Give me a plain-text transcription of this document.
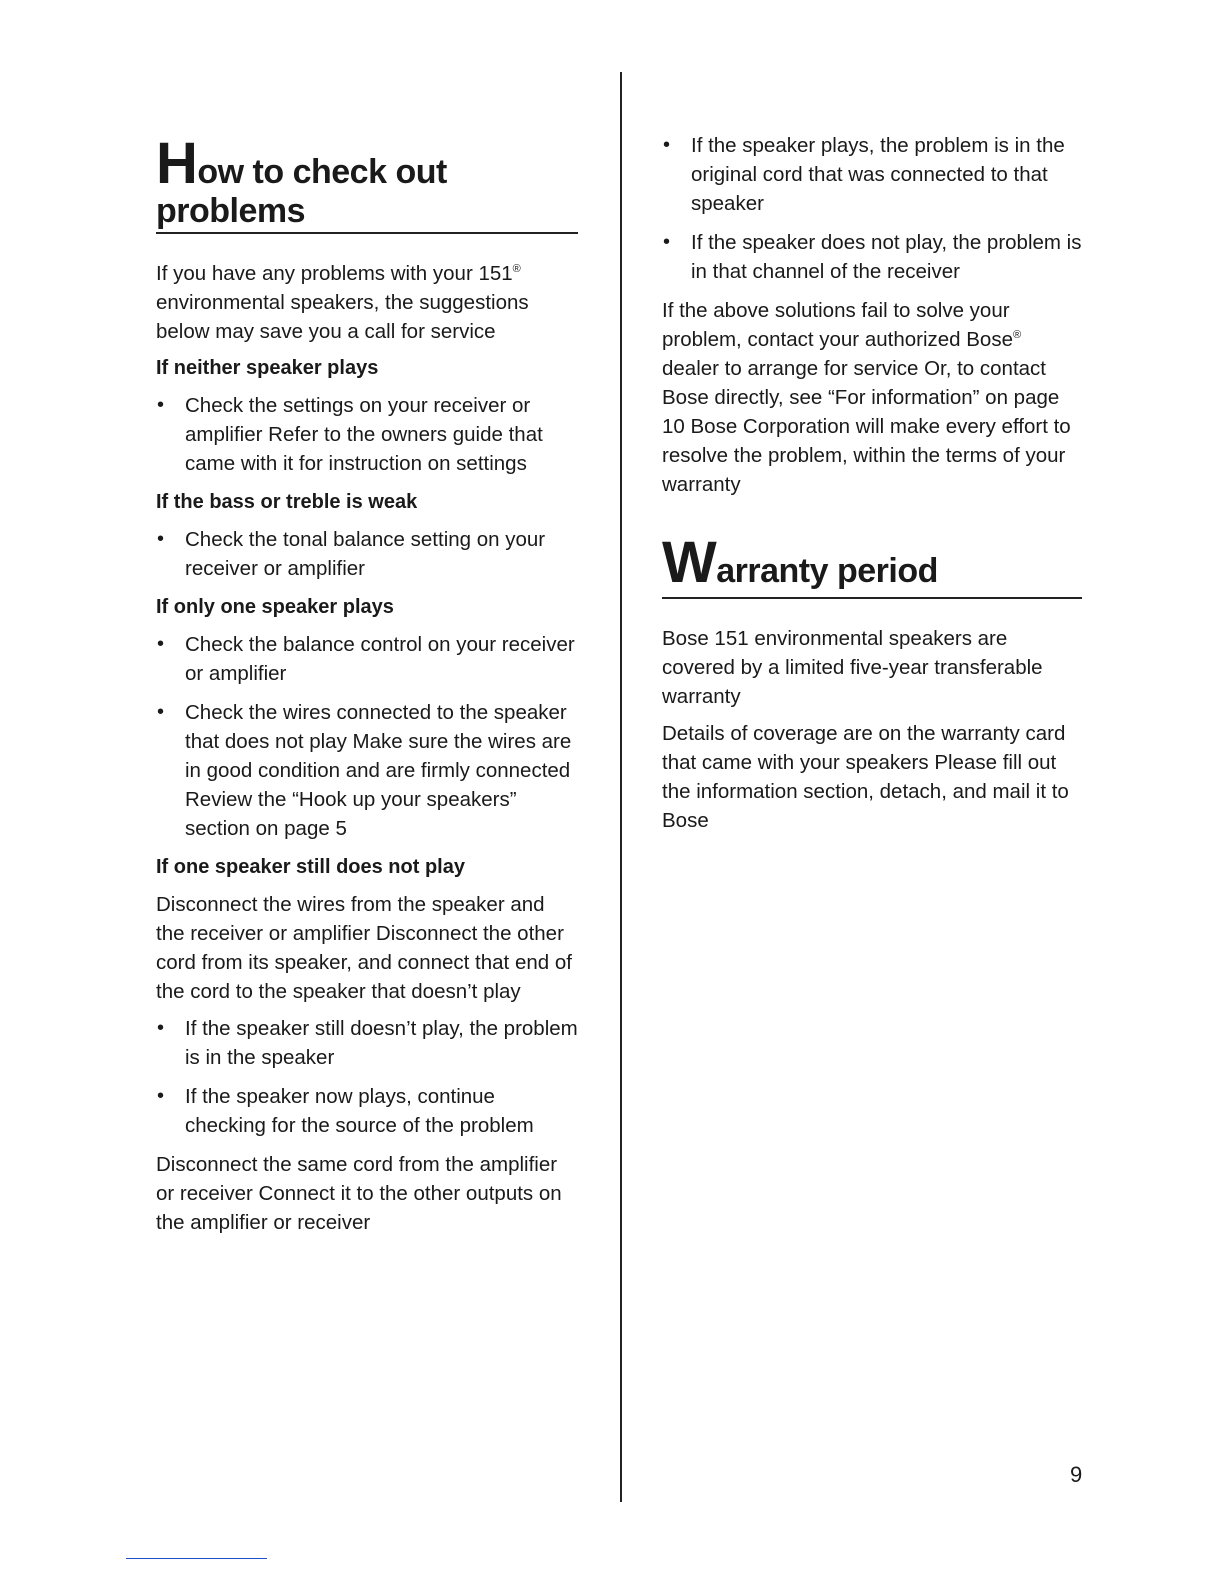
How to check out
problems

If you have any problems with your 151® environmental speakers, the suggestions below may save you a call for service

If neither speaker plays
• Check the settings on your receiver or amplifier Refer to the owners guide that came with it for instruction on settings
If the bass or treble is weak
• Check the tonal balance setting on your receiver or amplifier
If only one speaker plays
• Check the balance control on your receiver or amplifier
• Check the wires connected to the speaker that does not play Make sure the wires are in good condition and are firmly connected Review the “Hook up your speakers” section on page 5
If one speaker still does not play

Disconnect the wires from the speaker and the receiver or amplifier Disconnect the other cord from its speaker, and connect that end of the cord to the speaker that doesn’t play

• If the speaker still doesn’t play, the problem is in the speaker
• If the speaker now plays, continue checking for the source of the problem

Disconnect the same cord from the amplifier or receiver Connect it to the other outputs on the amplifier or receiver

• If the speaker plays, the problem is in the original cord that was connected to that speaker
• If the speaker does not play, the problem is in that channel of the receiver

If the above solutions fail to solve your problem, contact your authorized Bose® dealer to arrange for service Or, to contact Bose directly, see “For information” on page 10 Bose Corporation will make every effort to resolve the problem, within the terms of your warranty

Warranty period

Bose 151 environmental speakers are covered by a limited five-year transferable warranty

Details of coverage are on the warranty card that came with your speakers Please fill out the information section, detach, and mail it to Bose

9
